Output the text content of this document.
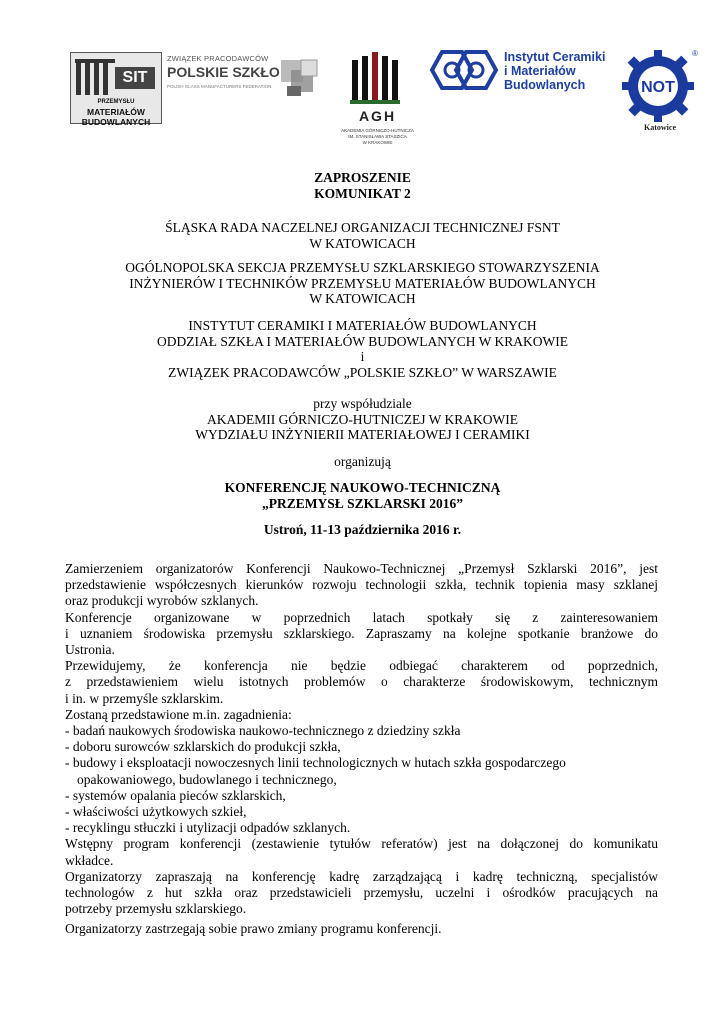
SIT
PRZEMYSŁU
MATERIAŁÓW
BUDOWLANYCH
ZWIĄZEK PRACODAWCÓW
POLSKIE SZKŁO
POLISH GLASS MANUFACTURERS FEDERATION
AGH
AKADEMIA GÓRNICZO-HUTNICZA
IM. STANISŁAWA STASZICA
W KRAKOWIE
Instytut Ceramiki
i Materiałów
Budowlanych	NOT
®
Katowice
ZAPROSZENIE
KOMUNIKAT 2
ŚLĄSKA RADA NACZELNEJ ORGANIZACJI TECHNICZNEJ FSNT
W KATOWICACH
OGÓLNOPOLSKA SEKCJA PRZEMYSŁU SZKLARSKIEGO STOWARZYSZENIA
INŻYNIERÓW I TECHNIKÓW PRZEMYSŁU MATERIAŁÓW BUDOWLANYCH
W KATOWICACH
INSTYTUT CERAMIKI I MATERIAŁÓW BUDOWLANYCH
ODDZIAŁ SZKŁA I MATERIAŁÓW BUDOWLANYCH W KRAKOWIE
i
ZWIĄZEK PRACODAWCÓW „POLSKIE SZKŁO” W WARSZAWIE
przy współudziale
AKADEMII GÓRNICZO-HUTNICZEJ W KRAKOWIE
WYDZIAŁU INŻYNIERII MATERIAŁOWEJ I CERAMIKI
organizują
KONFERENCJĘ NAUKOWO-TECHNICZNĄ
„PRZEMYSŁ SZKLARSKI 2016”
Ustroń, 11-13 października 2016 r.
Zamierzeniem organizatorów Konferencji Naukowo-Technicznej „Przemysł Szklarski 2016”, jest
przedstawienie współczesnych kierunków rozwoju technologii szkła, technik topienia masy szklanej
oraz produkcji wyrobów szklanych.
Konferencje organizowane w poprzednich latach spotkały się z zainteresowaniem
i uznaniem środowiska przemysłu szklarskiego. Zapraszamy na kolejne spotkanie branżowe do
Ustronia.
Przewidujemy, że konferencja nie będzie odbiegać charakterem od poprzednich,
z przedstawieniem wielu istotnych problemów o charakterze środowiskowym, technicznym
i in. w przemyśle szklarskim.
Zostaną przedstawione m.in. zagadnienia:
- badań naukowych środowiska naukowo-technicznego z dziedziny szkła
- doboru surowców szklarskich do produkcji szkła,
- budowy i eksploatacji nowoczesnych linii technologicznych w hutach szkła gospodarczego
opakowaniowego, budowlanego i technicznego,
- systemów opalania pieców szklarskich,
- właściwości użytkowych szkieł,
- recyklingu stłuczki i utylizacji odpadów szklanych.
Wstępny program konferencji (zestawienie tytułów referatów) jest na dołączonej do komunikatu
wkładce.
Organizatorzy zapraszają na konferencję kadrę zarządzającą i kadrę techniczną, specjalistów
technologów z hut szkła oraz przedstawicieli przemysłu, uczelni i ośrodków pracujących na
potrzeby przemysłu szklarskiego.
Organizatorzy zastrzegają sobie prawo zmiany programu konferencji.
